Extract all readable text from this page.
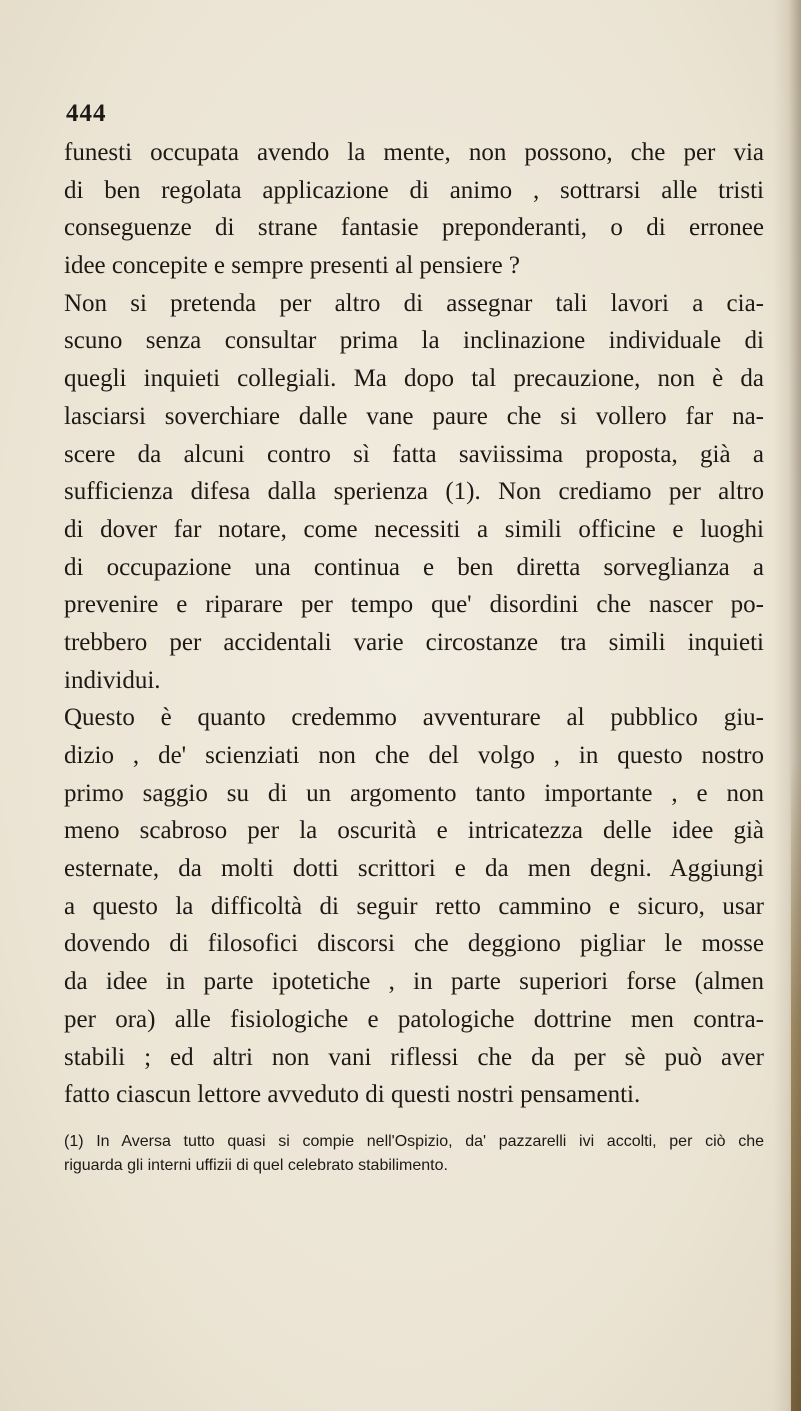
444
funesti occupata avendo la mente, non possono, che per via
di ben regolata applicazione di animo , sottrarsi alle tristi
conseguenze di strane fantasie preponderanti, o di erronee
idee concepite e sempre presenti al pensiere ?
Non si pretenda per altro di assegnar tali lavori a cia-
scuno senza consultar prima la inclinazione individuale di
quegli inquieti collegiali. Ma dopo tal precauzione, non è da
lasciarsi soverchiare dalle vane paure che si vollero far na-
scere da alcuni contro sì fatta saviissima proposta, già a
sufficienza difesa dalla sperienza (1). Non crediamo per altro
di dover far notare, come necessiti a simili officine e luoghi
di occupazione una continua e ben diretta sorveglianza a
prevenire e riparare per tempo que' disordini che nascer po-
trebbero per accidentali varie circostanze tra simili inquieti
individui.
Questo è quanto credemmo avventurare al pubblico giu-
dizio , de' scienziati non che del volgo , in questo nostro
primo saggio su di un argomento tanto importante , e non
meno scabroso per la oscurità e intricatezza delle idee già
esternate, da molti dotti scrittori e da men degni. Aggiungi
a questo la difficoltà di seguir retto cammino e sicuro, usar
dovendo di filosofici discorsi che deggiono pigliar le mosse
da idee in parte ipotetiche , in parte superiori forse (almen
per ora) alle fisiologiche e patologiche dottrine men contra-
stabili ; ed altri non vani riflessi che da per sè può aver
fatto ciascun lettore avveduto di questi nostri pensamenti.
(1) In Aversa tutto quasi si compie nell'Ospizio, da' pazzarelli ivi accolti, per ciò che
riguarda gli interni uffizii di quel celebrato stabilimento.
